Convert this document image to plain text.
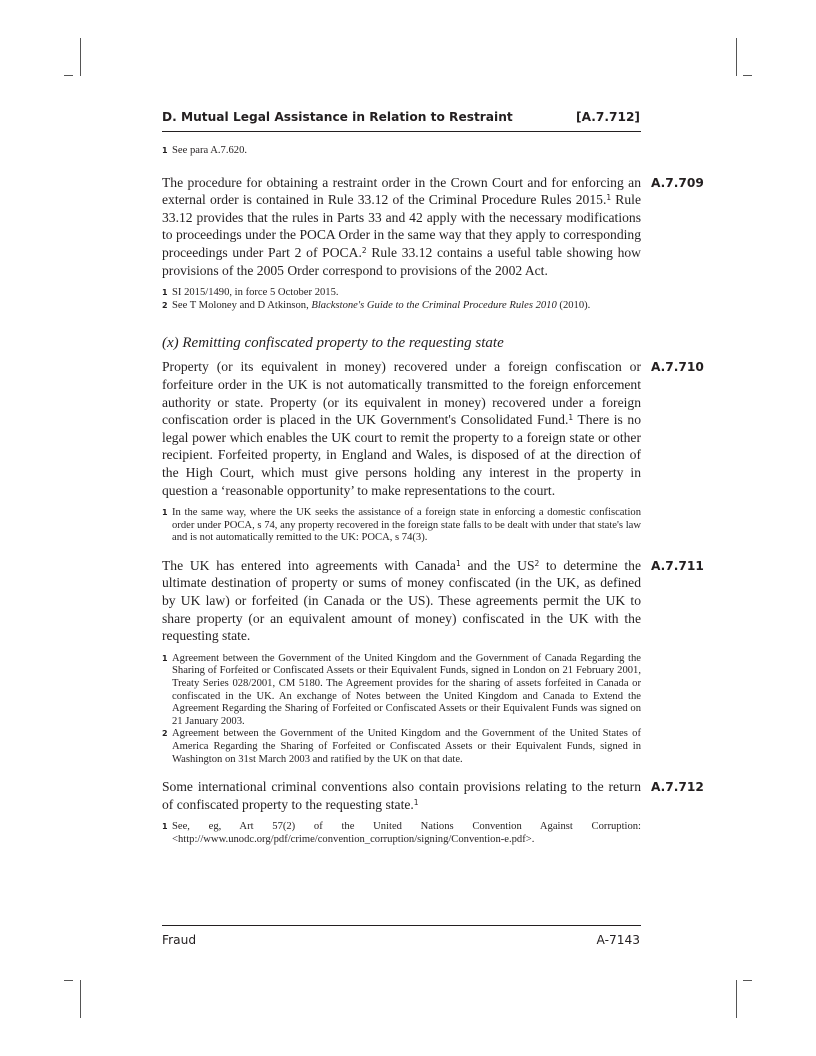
D. Mutual Legal Assistance in Relation to Restraint	[A.7.712]
1 See para A.7.620.
The procedure for obtaining a restraint order in the Crown Court and for enforcing an external order is contained in Rule 33.12 of the Criminal Procedure Rules 2015.$^1$ Rule 33.12 provides that the rules in Parts 33 and 42 apply with the necessary modifications to proceedings under the POCA Order in the same way that they apply to corresponding proceedings under Part 2 of POCA.$^2$ Rule 33.12 contains a useful table showing how provisions of the 2005 Order correspond to provisions of the 2002 Act.
A.7.709
1 SI 2015/1490, in force 5 October 2015.
2 See T Moloney and D Atkinson, Blackstone's Guide to the Criminal Procedure Rules 2010 (2010).
(x) Remitting confiscated property to the requesting state
Property (or its equivalent in money) recovered under a foreign confiscation or forfeiture order in the UK is not automatically transmitted to the foreign enforcement authority or state. Property (or its equivalent in money) recovered under a foreign confiscation order is placed in the UK Government's Consolidated Fund.$^1$ There is no legal power which enables the UK court to remit the property to a foreign state or other recipient. Forfeited property, in England and Wales, is disposed of at the direction of the High Court, which must give persons holding any interest in the property in question a ‘reasonable opportunity’ to make representations to the court.
A.7.710
1 In the same way, where the UK seeks the assistance of a foreign state in enforcing a domestic confiscation order under POCA, s 74, any property recovered in the foreign state falls to be dealt with under that state's law and is not automatically remitted to the UK: POCA, s 74(3).
The UK has entered into agreements with Canada$^1$ and the $US^2$ to determine the ultimate destination of property or sums of money confiscated (in the UK, as defined by UK law) or forfeited (in Canada or the US). These agreements permit the UK to share property (or an equivalent amount of money) confiscated in the UK with the requesting state.
A.7.711
1 Agreement between the Government of the United Kingdom and the Government of Canada Regarding the Sharing of Forfeited or Confiscated Assets or their Equivalent Funds, signed in London on 21 February 2001, Treaty Series 028/2001, CM 5180. The Agreement provides for the sharing of assets forfeited in Canada or confiscated in the UK. An exchange of Notes between the United Kingdom and Canada to Extend the Agreement Regarding the Sharing of Forfeited or Confiscated Assets or their Equivalent Funds was signed on 21 January 2003.
2 Agreement between the Government of the United Kingdom and the Government of the United States of America Regarding the Sharing of Forfeited or Confiscated Assets or their Equivalent Funds, signed in Washington on 31st March 2003 and ratified by the UK on that date.
Some international criminal conventions also contain provisions relating to the return of confiscated property to the requesting state.$^1$
A.7.712
1 See, eg, Art 57(2) of the United Nations Convention Against Corruption: <http://www.unodc.org/pdf/crime/convention_corruption/signing/Convention-e.pdf>.
Fraud	A-7143
